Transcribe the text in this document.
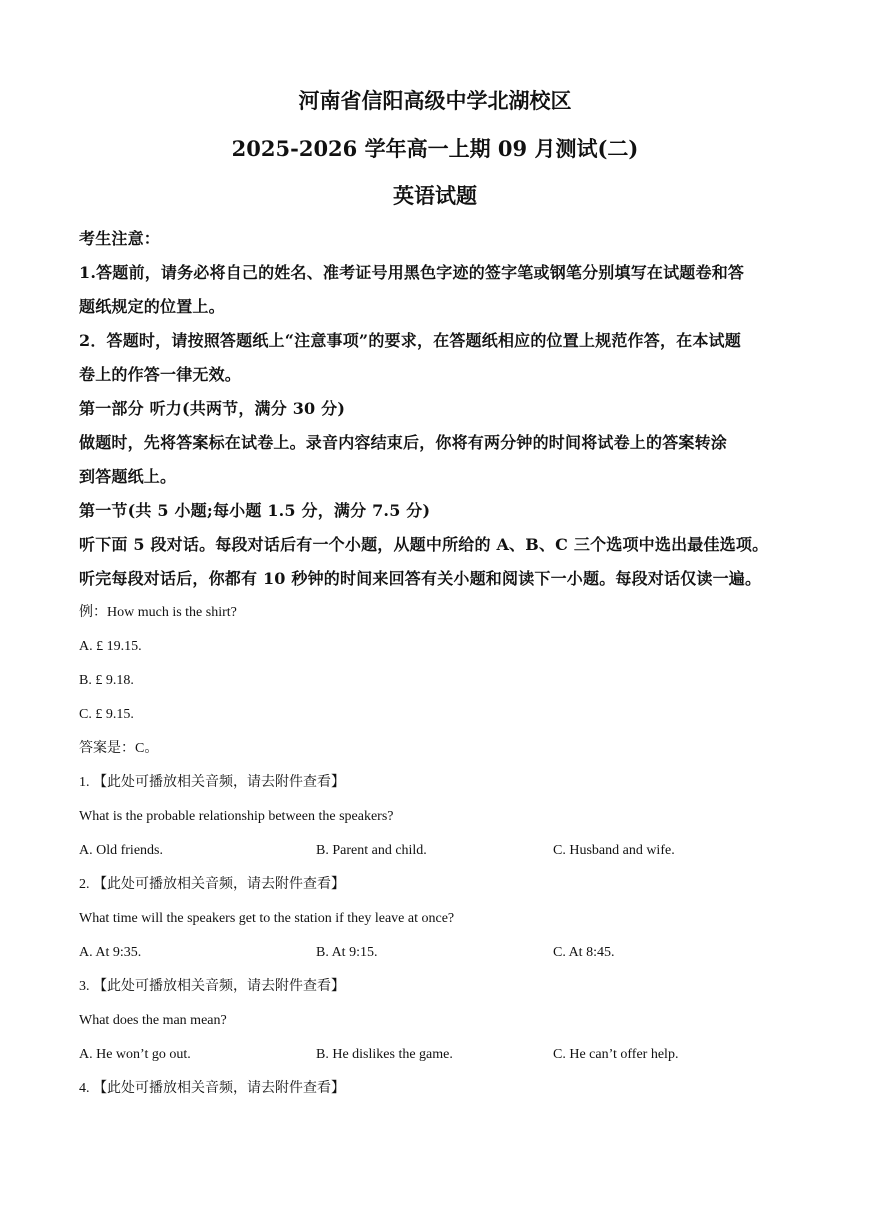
河南省信阳高级中学北湖校区
2025-2026 学年高一上期 09 月测试(二)
英语试题

考生注意：

1.答题前，请务必将自己的姓名、准考证号用黑色字迹的签字笔或钢笔分别填写在试题卷和答

题纸规定的位置上。

2．答题时，请按照答题纸上“注意事项”的要求，在答题纸相应的位置上规范作答，在本试题

卷上的作答一律无效。

第一部分 听力(共两节，满分 30 分)

做题时，先将答案标在试卷上。录音内容结束后，你将有两分钟的时间将试卷上的答案转涂

到答题纸上。

第一节(共 5 小题;每小题 1.5 分，满分 7.5 分)

听下面 5 段对话。每段对话后有一个小题，从题中所给的 A、B、C 三个选项中选出最佳选项。

听完每段对话后，你都有 10 秒钟的时间来回答有关小题和阅读下一小题。每段对话仅读一遍。

例：How much is the shirt?

A. £ 19.15.

B. £ 9.18.

C. £ 9.15.

答案是：C。

1. 【此处可播放相关音频，请去附件查看】

What is the probable relationship between the speakers?

A. Old friends.	B. Parent and child.	C. Husband and wife.

2. 【此处可播放相关音频，请去附件查看】

What time will the speakers get to the station if they leave at once?

A. At 9:35.	B. At 9:15.	C. At 8:45.

3. 【此处可播放相关音频，请去附件查看】

What does the man mean?

A. He won’t go out.	B. He dislikes the game.	C. He can’t offer help.

4. 【此处可播放相关音频，请去附件查看】
